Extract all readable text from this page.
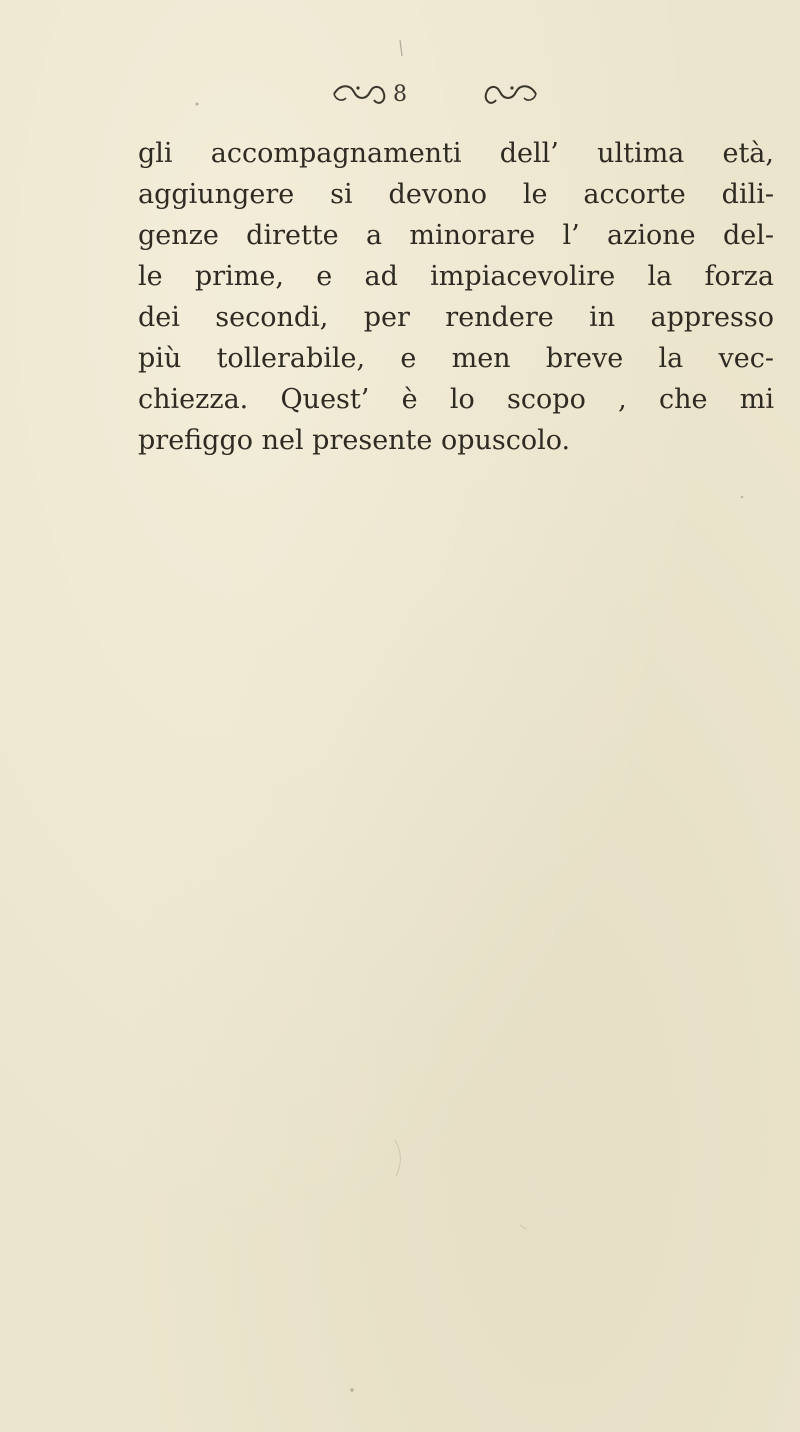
8

gli accompagnamenti dell’ ultima età,
aggiungere si devono le accorte dili-
genze dirette a minorare l’ azione del-
le prime, e ad impiacevolire la forza
dei secondi, per rendere in appresso
più tollerabile, e men breve la vec-
chiezza. Quest’ è lo scopo , che mi
prefiggo nel presente opuscolo.
